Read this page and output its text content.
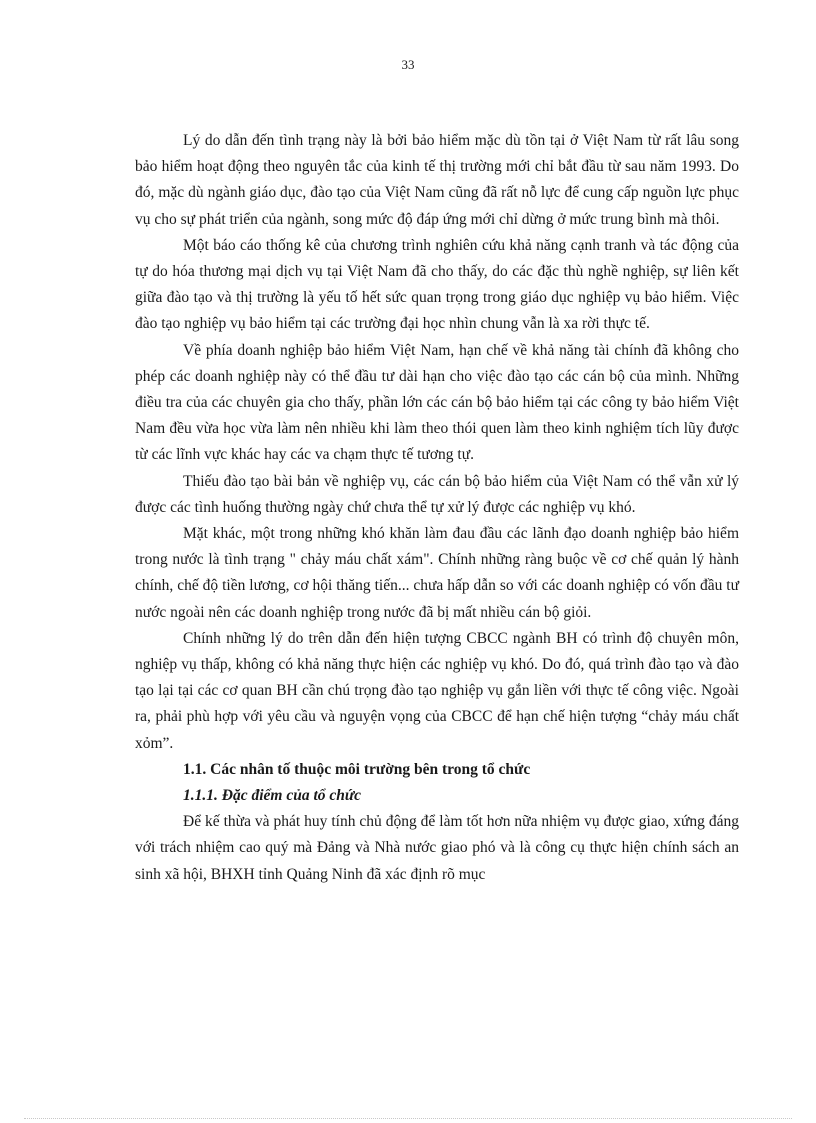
33

Lý do dẫn đến tình trạng này là bởi bảo hiểm mặc dù tồn tại ở Việt Nam từ rất lâu song bảo hiểm hoạt động theo nguyên tắc của kinh tế thị trường mới chỉ bắt đầu từ sau năm 1993. Do đó, mặc dù ngành giáo dục, đào tạo của Việt Nam cũng đã rất nỗ lực để cung cấp nguồn lực phục vụ cho sự phát triển của ngành, song mức độ đáp ứng mới chỉ dừng ở mức trung bình mà thôi.

Một báo cáo thống kê của chương trình nghiên cứu khả năng cạnh tranh và tác động của tự do hóa thương mại dịch vụ tại Việt Nam đã cho thấy, do các đặc thù nghề nghiệp, sự liên kết giữa đào tạo và thị trường là yếu tố hết sức quan trọng trong giáo dục nghiệp vụ bảo hiểm. Việc đào tạo nghiệp vụ bảo hiểm tại các trường đại học nhìn chung vẫn là xa rời thực tế.

Về phía doanh nghiệp bảo hiểm Việt Nam, hạn chế về khả năng tài chính đã không cho phép các doanh nghiệp này có thể đầu tư dài hạn cho việc đào tạo các cán bộ của mình. Những điều tra của các chuyên gia cho thấy, phần lớn các cán bộ bảo hiểm tại các công ty bảo hiểm Việt Nam đều vừa học vừa làm nên nhiều khi làm theo thói quen làm theo kinh nghiệm tích lũy được từ các lĩnh vực khác hay các va chạm thực tế tương tự.

Thiếu đào tạo bài bản về nghiệp vụ, các cán bộ bảo hiểm của Việt Nam có thể vẫn xử lý được các tình huống thường ngày chứ chưa thể tự xử lý được các nghiệp vụ khó.

Mặt khác, một trong những khó khăn làm đau đầu các lãnh đạo doanh nghiệp bảo hiểm trong nước là tình trạng " chảy máu chất xám". Chính những ràng buộc về cơ chế quản lý hành chính, chế độ tiền lương, cơ hội thăng tiến... chưa hấp dẫn so với các doanh nghiệp có vốn đầu tư nước ngoài nên các doanh nghiệp trong nước đã bị mất nhiều cán bộ giỏi.

Chính những lý do trên dẫn đến hiện tượng CBCC ngành BH có trình độ chuyên môn, nghiệp vụ thấp, không có khả năng thực hiện các nghiệp vụ khó. Do đó, quá trình đào tạo và đào tạo lại tại các cơ quan BH cần chú trọng đào tạo nghiệp vụ gắn liền với thực tế công việc. Ngoài ra, phải phù hợp với yêu cầu và nguyện vọng của CBCC để hạn chế hiện tượng “chảy máu chất xỏm”.

1.1. Các nhân tố thuộc môi trường bên trong tổ chức

1.1.1. Đặc điểm của tổ chức

Để kế thừa và phát huy tính chủ động để làm tốt hơn nữa nhiệm vụ được giao, xứng đáng với trách nhiệm cao quý mà Đảng và Nhà nước giao phó và là công cụ thực hiện chính sách an sinh xã hội, BHXH tỉnh Quảng Ninh đã xác định rõ mục
